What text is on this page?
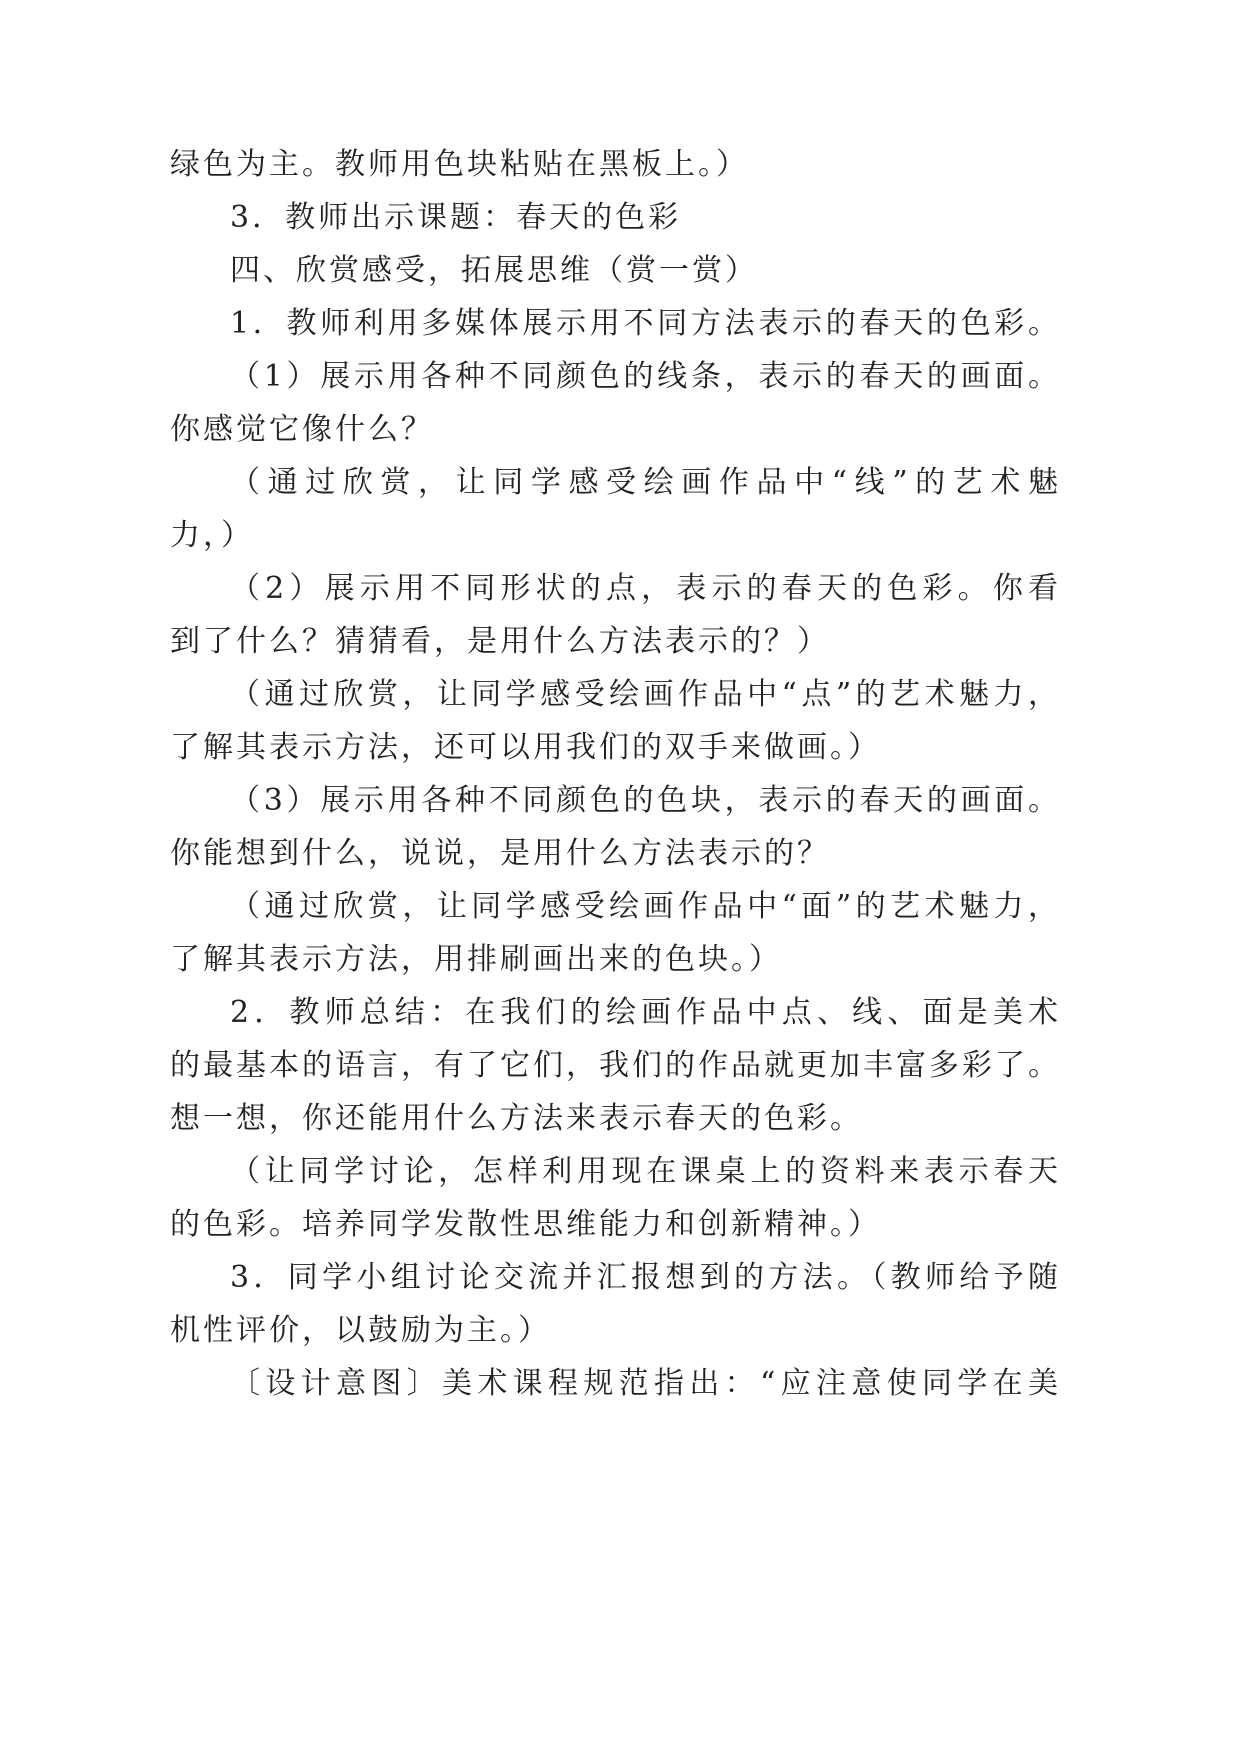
绿色为主。教师用色块粘贴在黑板上。）
3．教师出示课题：春天的色彩
四、欣赏感受，拓展思维（赏一赏）
1．教师利用多媒体展示用不同方法表示的春天的色彩。
（1）展示用各种不同颜色的线条，表示的春天的画面。
你感觉它像什么？
（通过欣赏，让同学感受绘画作品中“线”的艺术魅
力，）
（2）展示用不同形状的点，表示的春天的色彩。你看
到了什么？猜猜看，是用什么方法表示的？）
（通过欣赏，让同学感受绘画作品中“点”的艺术魅力，
了解其表示方法，还可以用我们的双手来做画。）
（3）展示用各种不同颜色的色块，表示的春天的画面。
你能想到什么，说说，是用什么方法表示的？
（通过欣赏，让同学感受绘画作品中“面”的艺术魅力，
了解其表示方法，用排刷画出来的色块。）
2．教师总结：在我们的绘画作品中点、线、面是美术
的最基本的语言，有了它们，我们的作品就更加丰富多彩了。
想一想，你还能用什么方法来表示春天的色彩。
（让同学讨论，怎样利用现在课桌上的资料来表示春天
的色彩。培养同学发散性思维能力和创新精神。）
3．同学小组讨论交流并汇报想到的方法。（教师给予随
机性评价，以鼓励为主。）
〔设计意图〕美术课程规范指出：“应注意使同学在美
